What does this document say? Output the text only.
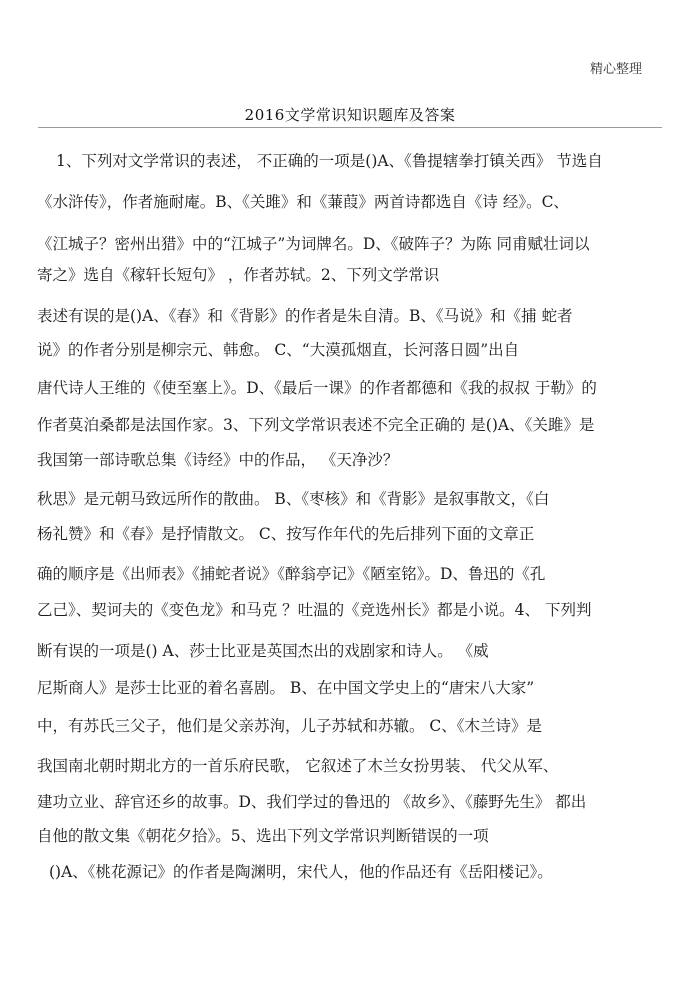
精心整理
2016文学常识知识题库及答案
1、下列对文学常识的表述， 不正确的一项是()A、《鲁提辖拳打镇关西》 节选自
《水浒传》，作者施耐庵。B、《关雎》和《蒹葭》两首诗都选自《诗 经》。C、
《江城子？密州出猎》中的“江城子”为词牌名。D、《破阵子？为陈 同甫赋壮词以
寄之》选自《稼轩长短句》 ，作者苏轼。2、下列文学常识
表述有误的是()A、《春》和《背影》的作者是朱自清。B、《马说》和《捕 蛇者
说》的作者分别是柳宗元、韩愈。 C、“大漠孤烟直，长河落日圆”出自
唐代诗人王维的《使至塞上》。D、《最后一课》的作者都德和《我的叔叔 于勒》的
作者莫泊桑都是法国作家。3、下列文学常识表述不完全正确的 是()A、《关雎》是
我国第一部诗歌总集《诗经》中的作品， 《天净沙？
秋思》是元朝马致远所作的散曲。 B、《枣核》和《背影》是叙事散文，《白
杨礼赞》和《春》是抒情散文。 C、按写作年代的先后排列下面的文章正
确的顺序是《出师表》《捕蛇者说》《醉翁亭记》《陋室铭》。D、鲁迅的《孔
乙己》、契诃夫的《变色龙》和马克 ？吐温的《竞选州长》都是小说。4、 下列判
断有误的一项是() A、莎士比亚是英国杰出的戏剧家和诗人。 《威
尼斯商人》是莎士比亚的着名喜剧。 B、在中国文学史上的“唐宋八大家”
中，有苏氏三父子，他们是父亲苏洵，儿子苏轼和苏辙。 C、《木兰诗》是
我国南北朝时期北方的一首乐府民歌， 它叙述了木兰女扮男装、 代父从军、
建功立业、辞官还乡的故事。D、我们学过的鲁迅的 《故乡》、《藤野先生》 都出
自他的散文集《朝花夕拾》。5、选出下列文学常识判断错误的一项
()A、《桃花源记》的作者是陶渊明，宋代人，他的作品还有《岳阳楼记》。
